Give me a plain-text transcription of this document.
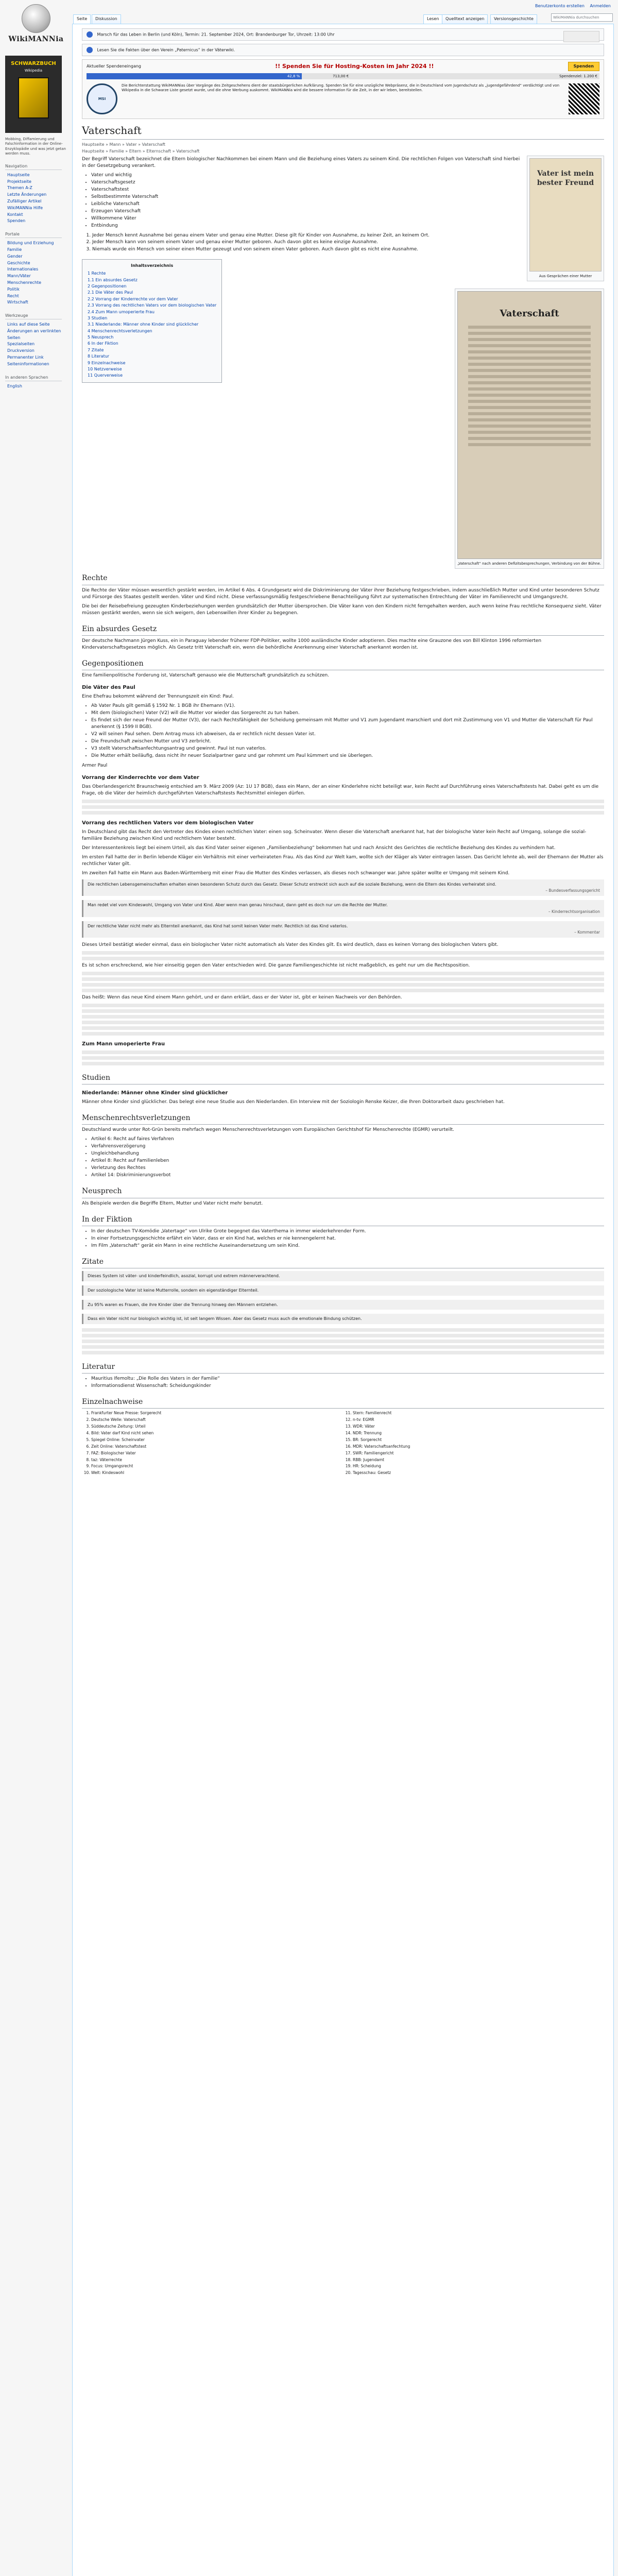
Benutzerkonto erstellen Anmelden
WikiMANNia
Seite	Diskussion	Lesen	Quelltext anzeigen	Versionsgeschichte	WikiMANNia durchsuchen
SCHWARZBUCH
Wikipedia
Mobbing, Diffamierung und Falschinformation in der Online-Enzyklopädie und was jetzt getan werden muss.
Navigation
Hauptseite
Projektseite
Themen A-Z
Letzte Änderungen
Zufälliger Artikel
WikiMANNia Hilfe
Kontakt
Spenden
Portale
Bildung und Erziehung
Familie
Gender
Geschichte
Internationales
Mann/Väter
Menschenrechte
Politik
Recht
Wirtschaft
Werkzeuge
Links auf diese Seite
Änderungen an verlinkten Seiten
Spezialseiten
Druckversion
Permanenter Link
Seiteninformationen
In anderen Sprachen
English
Marsch für das Leben in Berlin (und Köln), Termin: 21. September 2024, Ort: Brandenburger Tor, Uhrzeit: 13:00 Uhr
Lesen Sie die Fakten über den Verein „Paternicus“ in der Väterwiki.
Aktueller Spendeneingang	!! Spenden Sie für Hosting-Kosten im Jahr 2024 !!	Spenden
42,8 %	713,00 €	Spendenziel: 1.200 €
MSI
Die Berichterstattung WikiMANNias über Vorgänge des Zeitgeschehens dient der staatsbürgerlichen Aufklärung. Spenden Sie für eine unzügliche Webpräsenz, die in Deutschland vom Jugendschutz als „jugendgefährdend“ verdächtigt und von Wikipedia in die Schwarze Liste gesetzt wurde, und die ohne Werbung auskommt. WikiMANNia wird die bessere Information für die Zeit, in der wir leben, bereitstellen.
Vaterschaft
Hauptseite » Mann » Vater » Vaterschaft
Hauptseite » Familie » Eltern » Elternschaft » Vaterschaft
Vater ist mein bester Freund
Aus Gesprächen einer Mutter

Der Begriff Vaterschaft bezeichnet die Eltern biologischer Nachkommen bei einem Mann und die Beziehung eines Vaters zu seinem Kind. Die rechtlichen Folgen von Vaterschaft sind hierbei in der Gesetzgebung verankert.

• Vater und wichtig
• Vaterschaftsgesetz
• Vaterschaftstest
• Selbstbestimmte Vaterschaft
• Leibliche Vaterschaft
• Erzeugen Vaterschaft
• Willkommene Väter
• Entbindung
1. Jeder Mensch kennt Ausnahme bei genau einem Vater und genau eine Mutter. Diese gilt für Kinder von Ausnahme, zu keiner Zeit, an keinem Ort.
2. Jeder Mensch kann von seinem einem Vater und genau einer Mutter geboren. Auch davon gibt es keine einzige Ausnahme.
3. Niemals wurde ein Mensch von seiner einen Mutter gezeugt und von seinem einen Vater geboren. Auch davon gibt es nicht eine Ausnahme.
Vaterschaft
„Vaterschaft“ nach anderen Defizitsbesprechungen, Verbindung von der Bühne.
Inhaltsverzeichnis
1 Rechte
1.1 Ein absurdes Gesetz
2 Gegenpositionen
2.1 Die Väter des Paul
2.2 Vorrang der Kinderrechte vor dem Vater
2.3 Vorrang des rechtlichen Vaters vor dem biologischen Vater
2.4 Zum Mann umoperierte Frau
3 Studien
3.1 Niederlande: Männer ohne Kinder sind glücklicher
4 Menschenrechtsverletzungen
5 Neusprech
6 In der Fiktion
7 Zitate
8 Literatur
9 Einzelnachweise
10 Netzverweise
11 Querverweise
Rechte

Die Rechte der Väter müssen wesentlich gestärkt werden, im Artikel 6 Abs. 4 Grundgesetz wird die Diskriminierung der Väter ihrer Beziehung festgeschrieben, indem ausschließlich Mutter und Kind unter besonderen Schutz und Fürsorge des Staates gestellt werden. Väter und Kind nicht. Diese verfassungsmäßig festgeschriebene Benachteiligung führt zur systematischen Entrechtung der Väter im Familienrecht und Umgangsrecht.

Die bei der Reisebefreiung gezeugten Kinderbeziehungen werden grundsätzlich der Mutter übersprochen. Die Väter kann von den Kindern nicht ferngehalten werden, auch wenn keine Frau rechtliche Konsequenz sieht. Väter müssen gestärkt werden, wenn sie sich weigern, den Lebenswillen ihrer Kinder zu begegnen.

Ein absurdes Gesetz

Der deutsche Nachmann Jürgen Kuss, ein in Paraguay lebender früherer FDP-Politiker, wollte 1000 ausländische Kinder adoptieren. Dies machte eine Grauzone des von Bill Klinton 1996 reformierten Kindervaterschaftsgesetzes möglich. Als Gesetz tritt Vaterschaft ein, wenn die behördliche Anerkennung einer Vaterschaft anerkannt worden ist.

Gegenpositionen

Eine familienpolitische Forderung ist, Vaterschaft genauso wie die Mutterschaft grundsätzlich zu schützen.

Die Väter des Paul

Eine Ehefrau bekommt während der Trennungszeit ein Kind: Paul.

• Ab Vater Pauls gilt gemäß § 1592 Nr. 1 BGB ihr Ehemann (V1).
• Mit dem (biologischen) Vater (V2) will die Mutter vor wieder das Sorgerecht zu tun haben.
• Es findet sich der neue Freund der Mutter (V3), der nach Rechtsfähigkeit der Scheidung gemeinsam mit Mutter und V1 zum Jugendamt marschiert und dort mit Zustimmung von V1 und Mutter die Vaterschaft für Paul anerkennt (§ 1599 II BGB).
• V2 will seinen Paul sehen. Dem Antrag muss ich abweisen, da er rechtlich nicht dessen Vater ist.
• Die Freundschaft zwischen Mutter und V3 zerbricht.
• V3 stellt Vaterschaftsanfechtungsantrag und gewinnt. Paul ist nun vaterlos.
• Die Mutter erhält beiläufig, dass nicht ihr neuer Sozialpartner ganz und gar rohmmt um Paul kümmert und sie überlegen.

Armer Paul

Vorrang der Kinderrechte vor dem Vater

Das Oberlandesgericht Braunschweig entschied am 9. März 2009 (Az: 1U 17 BGB), dass ein Mann, der an einer Kinderlehre nicht beteiligt war, kein Recht auf Durchführung eines Vaterschaftstests hat. Dabei geht es um die Frage, ob die Väter der heimlich durchgeführten Vaterschaftstests Rechtsmittel einlegen dürfen.

Vorrang des rechtlichen Vaters vor dem biologischen Vater

In Deutschland gibt das Recht den Vertreter des Kindes einen rechtlichen Vater: einen sog. Scheinvater. Wenn dieser die Vaterschaft anerkannt hat, hat der biologische Vater kein Recht auf Umgang, solange die sozial-familiäre Beziehung zwischen Kind und rechtlichem Vater besteht.

Der Interessentenkreis liegt bei einem Urteil, als das Kind Vater seiner eigenen „Familienbeziehung“ bekommen hat und nach Ansicht des Gerichtes die rechtliche Beziehung des Kindes zu verhindern hat.

Im ersten Fall hatte der in Berlin lebende Kläger ein Verhältnis mit einer verheirateten Frau. Als das Kind zur Welt kam, wollte sich der Kläger als Vater eintragen lassen. Das Gericht lehnte ab, weil der Ehemann der Mutter als rechtlicher Vater gilt.

Im zweiten Fall hatte ein Mann aus Baden-Württemberg mit einer Frau die Mutter des Kindes verlassen, als dieses noch schwanger war. Jahre später wollte er Umgang mit seinem Kind.

Die rechtlichen Lebensgemeinschaften erhalten einen besonderen Schutz durch das Gesetz. Dieser Schutz erstreckt sich auch auf die soziale Beziehung, wenn die Eltern des Kindes verheiratet sind.
– Bundesverfassungsgericht
Man redet viel vom Kindeswohl, Umgang von Vater und Kind. Aber wenn man genau hinschaut, dann geht es doch nur um die Rechte der Mutter.
– Kinderrechtsorganisation
Der rechtliche Vater nicht mehr als Elternteil anerkannt, das Kind hat somit keinen Vater mehr. Rechtlich ist das Kind vaterlos.
– Kommentar

Dieses Urteil bestätigt wieder einmal, dass ein biologischer Vater nicht automatisch als Vater des Kindes gilt. Es wird deutlich, dass es keinen Vorrang des biologischen Vaters gibt.

Es ist schon erschreckend, wie hier einseitig gegen den Vater entschieden wird. Die ganze Familiengeschichte ist nicht maßgeblich, es geht nur um die Rechtsposition.

Das heißt: Wenn das neue Kind einem Mann gehört, und er dann erklärt, dass er der Vater ist, gibt er keinen Nachweis vor den Behörden.

Zum Mann umoperierte Frau
Studien
Niederlande: Männer ohne Kinder sind glücklicher

Männer ohne Kinder sind glücklicher. Das belegt eine neue Studie aus den Niederlanden. Ein Interview mit der Soziologin Renske Keizer, die Ihren Doktorarbeit dazu geschrieben hat.

Menschenrechtsverletzungen

Deutschland wurde unter Rot-Grün bereits mehrfach wegen Menschenrechtsverletzungen vom Europäischen Gerichtshof für Menschenrechte (EGMR) verurteilt.

• Artikel 6: Recht auf faires Verfahren
• Verfahrensverzögerung
• Ungleichbehandlung
• Artikel 8: Recht auf Familienleben
• Verletzung des Rechtes
• Artikel 14: Diskriminierungsverbot
Neusprech

Als Beispiele werden die Begriffe Eltern, Mutter und Vater nicht mehr benutzt.

In der Fiktion
• In der deutschen TV-Komödie „Vatertage“ von Ulrike Grote begegnet das Vaterthema in immer wiederkehrender Form.
• In einer Fortsetzungsgeschichte erfährt ein Vater, dass er ein Kind hat, welches er nie kennengelernt hat.
• Im Film „Vaterschaft“ gerät ein Mann in eine rechtliche Auseinandersetzung um sein Kind.
Zitate
Dieses System ist väter- und kinderfeindlich, asozial, korrupt und extrem männerverachtend.
Der soziologische Vater ist keine Mutterrolle, sondern ein eigenständiger Elternteil.
Zu 95% waren es Frauen, die ihre Kinder über die Trennung hinweg den Männern entziehen.
Dass ein Vater nicht nur biologisch wichtig ist, ist seit langem Wissen. Aber das Gesetz muss auch die emotionale Bindung schützen.
Literatur
• Mauritius Ifemoltu: „Die Rolle des Vaters in der Familie“
• Informationsdienst Wissenschaft: Scheidungskinder
Einzelnachweise
1. Frankfurter Neue Presse: Sorgerecht
2. Deutsche Welle: Vaterschaft
3. Süddeutsche Zeitung: Urteil
4. Bild: Vater darf Kind nicht sehen
5. Spiegel Online: Scheinvater
6. Zeit Online: Vaterschaftstest
7. FAZ: Biologischer Vater
8. taz: Väterrechte
9. Focus: Umgangsrecht
10. Welt: Kindeswohl
11. Stern: Familienrecht
12. n-tv: EGMR
13. WDR: Väter
14. NDR: Trennung
15. BR: Sorgerecht
16. MDR: Vaterschaftsanfechtung
17. SWR: Familiengericht
18. RBB: Jugendamt
19. HR: Scheidung
20. Tagesschau: Gesetz
